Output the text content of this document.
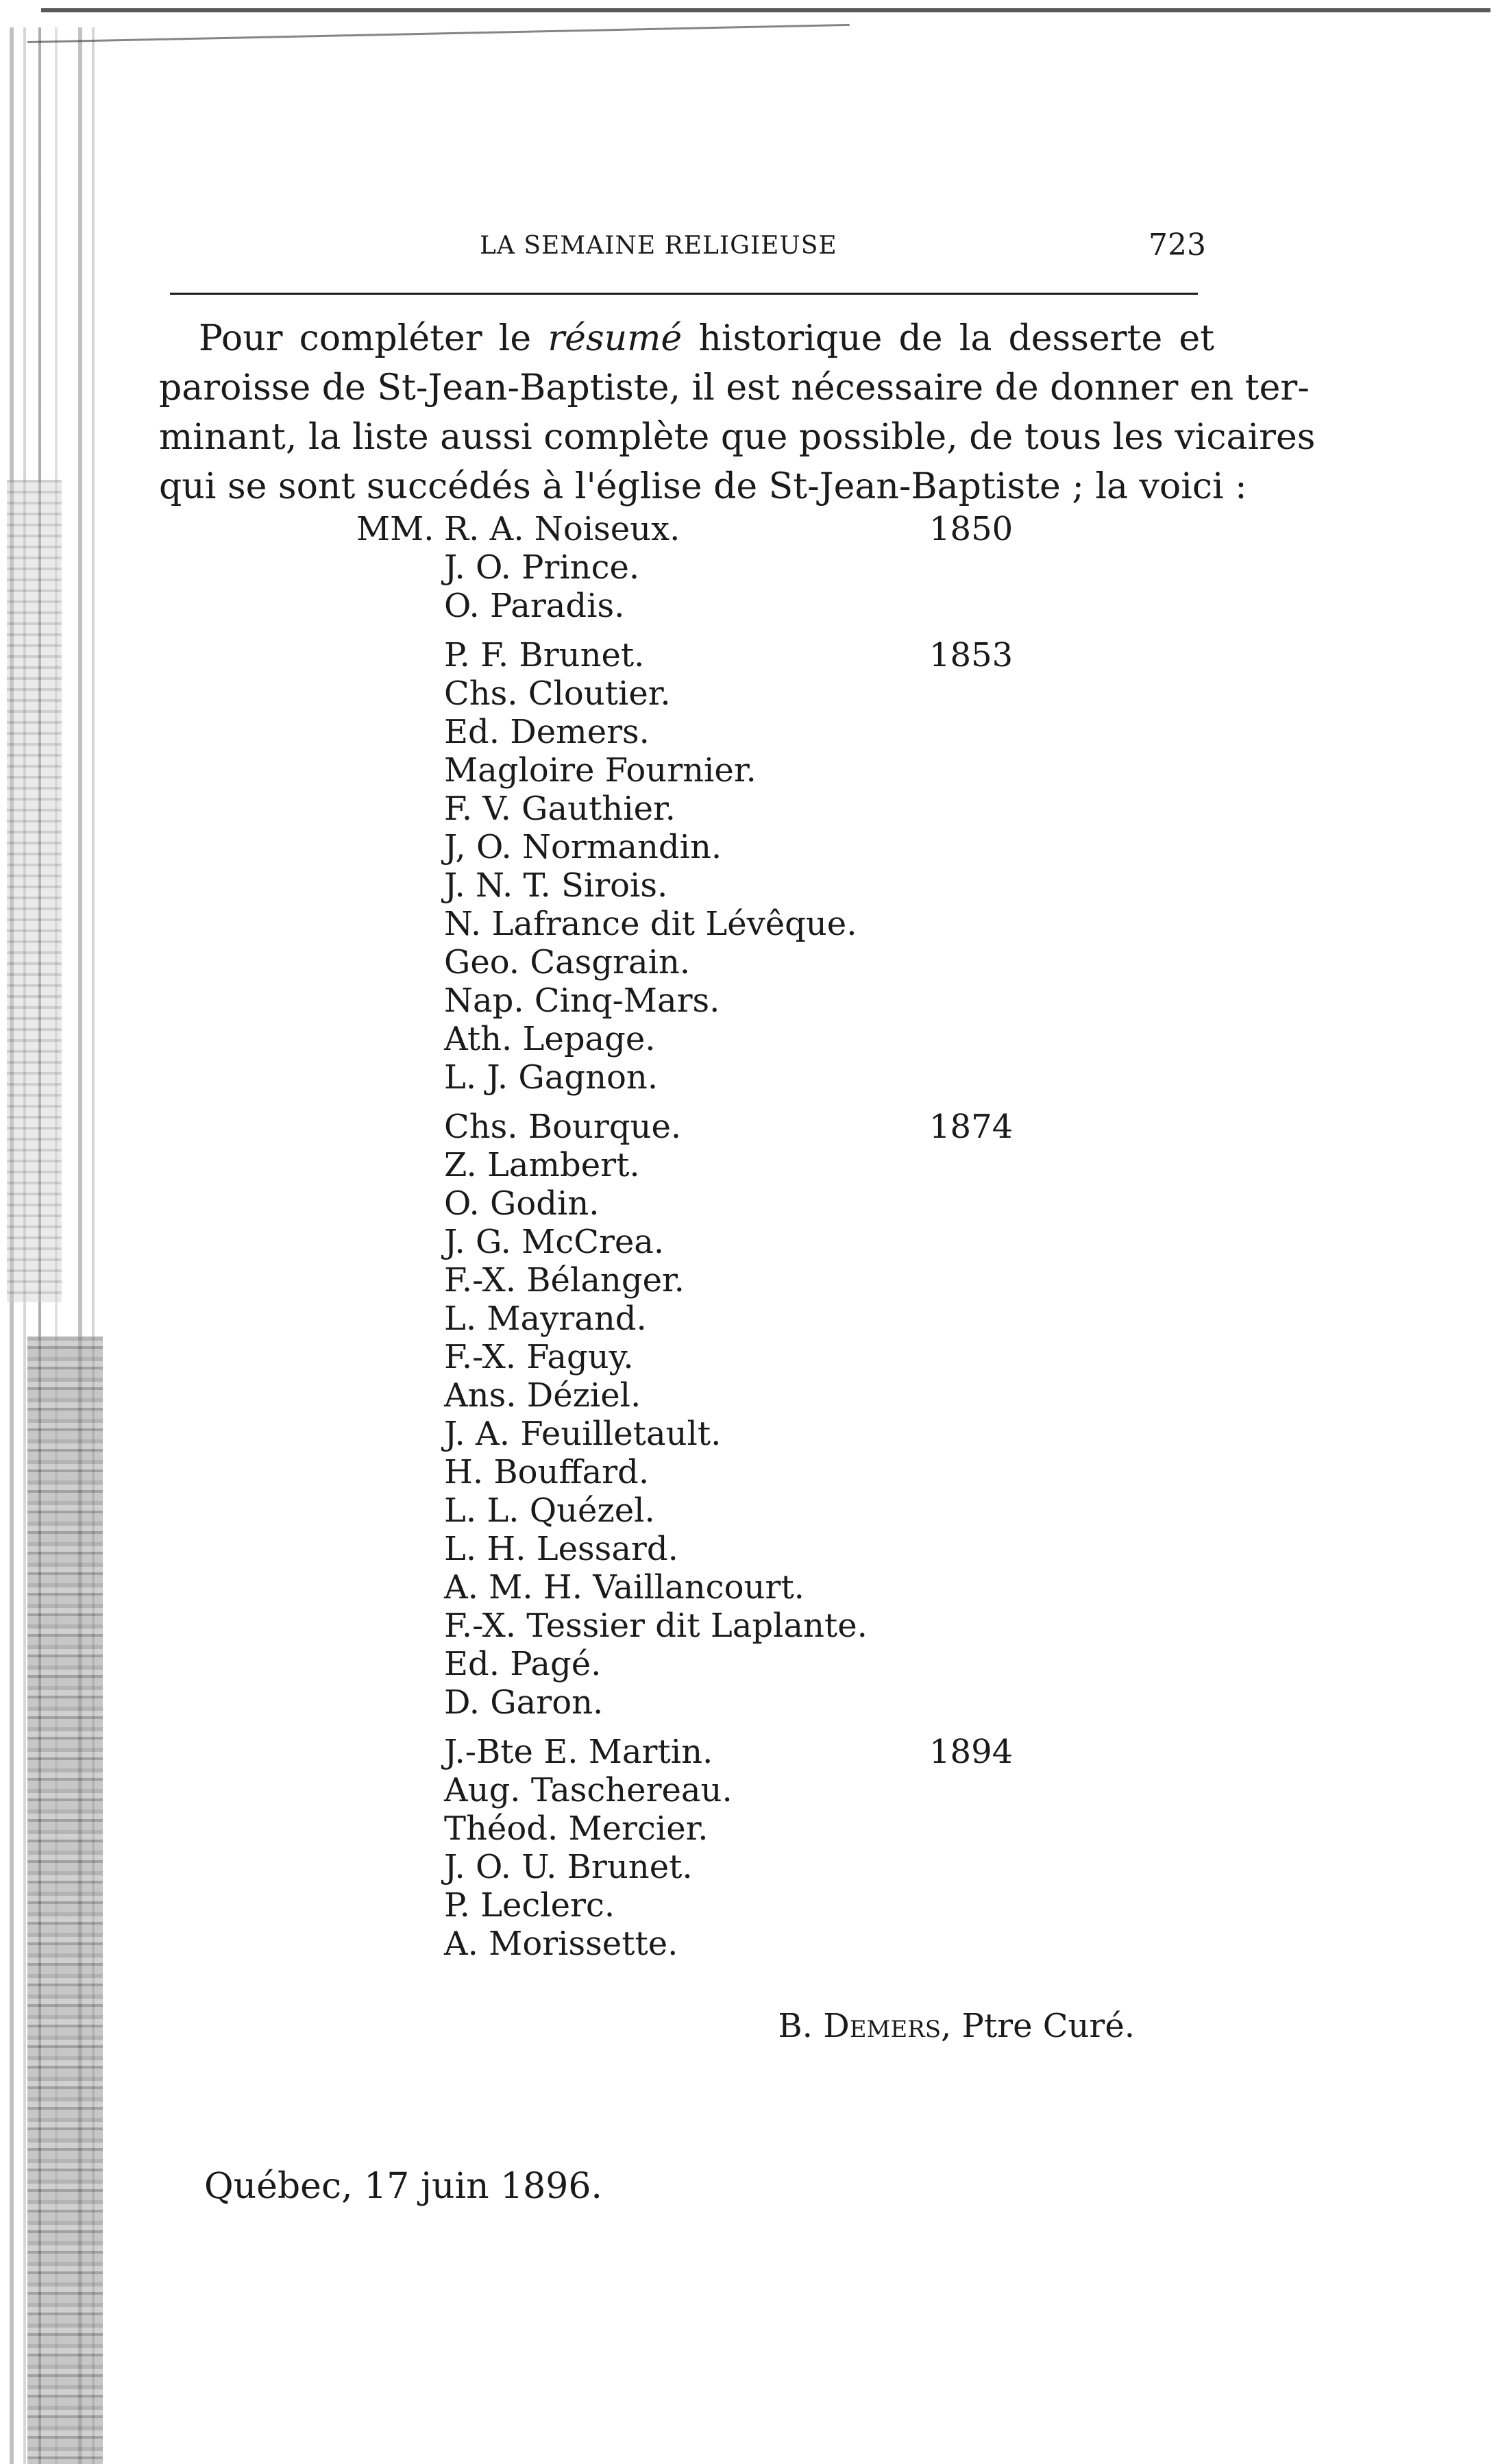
LA SEMAINE RELIGIEUSE	723
Pour compléter le résumé historique de la desserte et
paroisse de St-Jean-Baptiste, il est nécessaire de donner en ter-
minant, la liste aussi complète que possible, de tous les vicaires
qui se sont succédés à l'église de St-Jean-Baptiste ; la voici :
MM. R. A. Noiseux.
J. O. Prince.
O. Paradis.
P. F. Brunet.
Chs. Cloutier.
Ed. Demers.
Magloire Fournier.
F. V. Gauthier.
J, O. Normandin.
J. N. T. Sirois.
N. Lafrance dit Lévêque.
Geo. Casgrain.
Nap. Cinq-Mars.
Ath. Lepage.
L. J. Gagnon.
Chs. Bourque.
Z. Lambert.
O. Godin.
J. G. McCrea.
F.-X. Bélanger.
L. Mayrand.
F.-X. Faguy.
Ans. Déziel.
J. A. Feuilletault.
H. Bouffard.
L. L. Quézel.
L. H. Lessard.
A. M. H. Vaillancourt.
F.-X. Tessier dit Laplante.
Ed. Pagé.
D. Garon.
J.-Bte E. Martin.
Aug. Taschereau.
Théod. Mercier.
J. O. U. Brunet.
P. Leclerc.
A. Morissette.
1850
1853
1874
1894
B. Demers, Ptre Curé.
Québec, 17 juin 1896.
